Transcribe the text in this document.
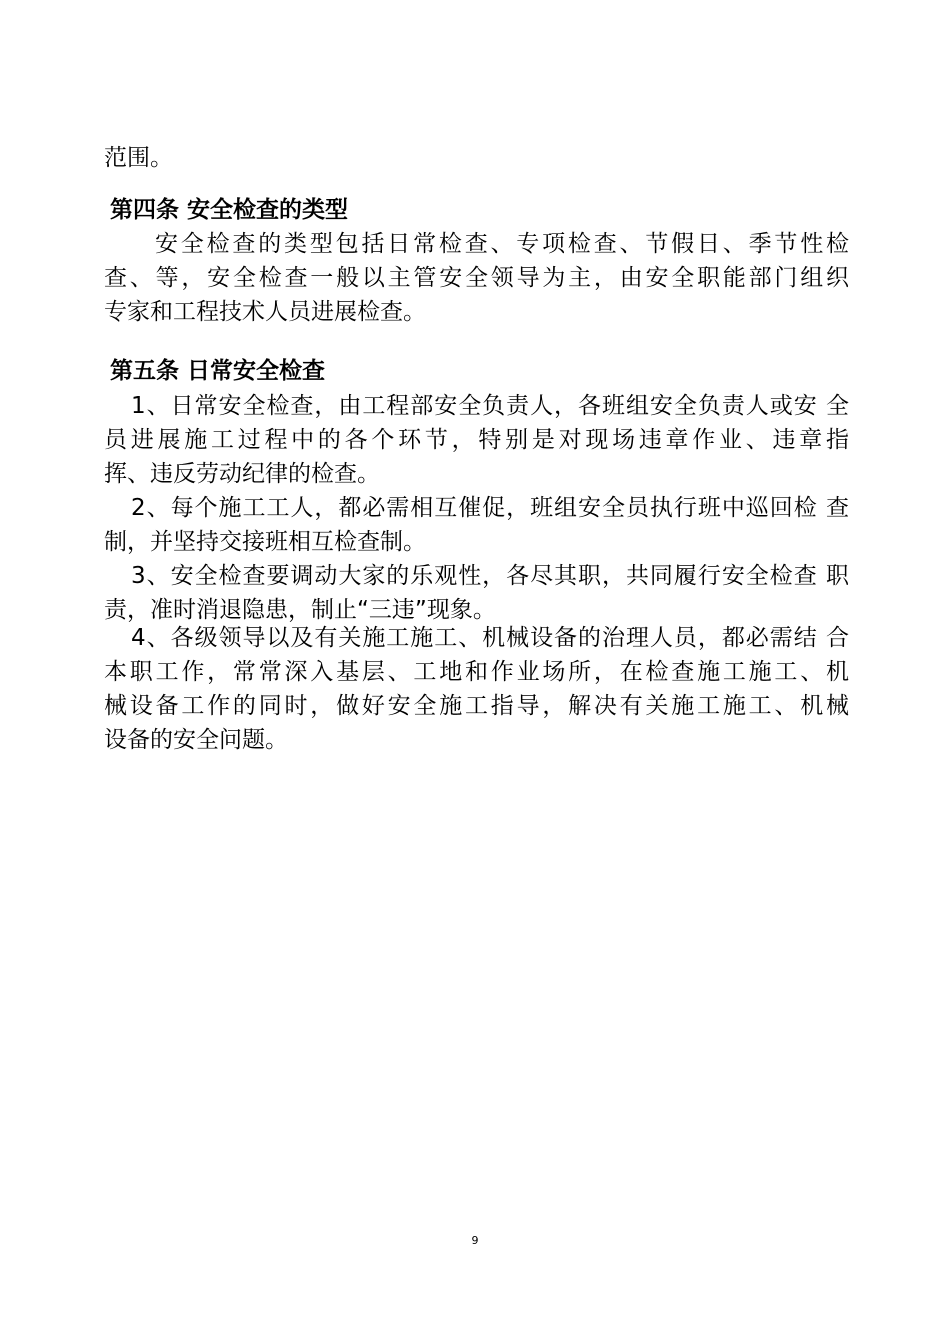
范围。
第四条 安全检查的类型
安全检查的类型包括日常检查、专项检查、节假日、季节性检
查、等，安全检查一般以主管安全领导为主，由安全职能部门组织
专家和工程技术人员进展检查。
第五条 日常安全检查
1、日常安全检查，由工程部安全负责人，各班组安全负责人或安 全
员进展施工过程中的各个环节，特别是对现场违章作业、违章指
挥、违反劳动纪律的检查。
2、每个施工工人，都必需相互催促，班组安全员执行班中巡回检 查
制，并坚持交接班相互检查制。
3、安全检查要调动大家的乐观性，各尽其职，共同履行安全检查 职
责，准时消退隐患，制止“三违”现象。
4、各级领导以及有关施工施工、机械设备的治理人员，都必需结 合
本职工作，常常深入基层、工地和作业场所，在检查施工施工、机
械设备工作的同时，做好安全施工指导，解决有关施工施工、机械
设备的安全问题。
9
